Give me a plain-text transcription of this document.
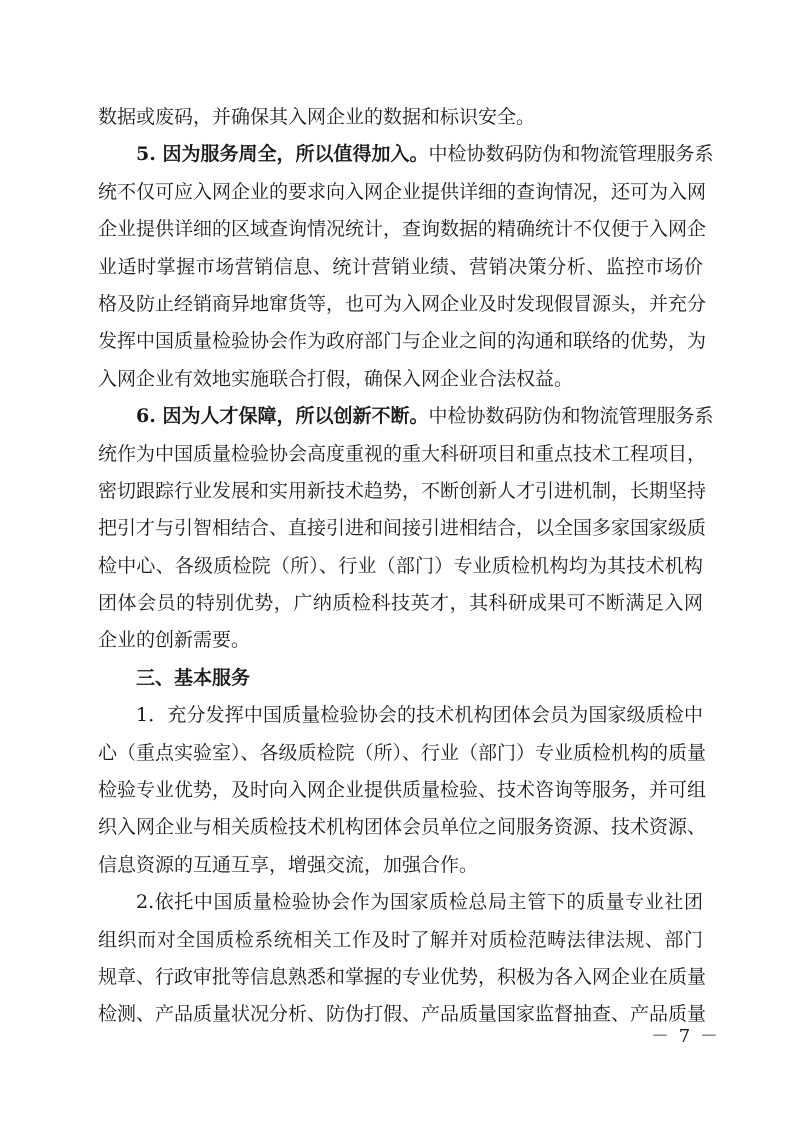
数据或废码，并确保其入网企业的数据和标识安全。
5. 因为服务周全，所以值得加入。中检协数码防伪和物流管理服务系
统不仅可应入网企业的要求向入网企业提供详细的查询情况，还可为入网
企业提供详细的区域查询情况统计，查询数据的精确统计不仅便于入网企
业适时掌握市场营销信息、统计营销业绩、营销决策分析、监控市场价
格及防止经销商异地窜货等，也可为入网企业及时发现假冒源头，并充分
发挥中国质量检验协会作为政府部门与企业之间的沟通和联络的优势，为
入网企业有效地实施联合打假，确保入网企业合法权益。
6. 因为人才保障，所以创新不断。中检协数码防伪和物流管理服务系
统作为中国质量检验协会高度重视的重大科研项目和重点技术工程项目，
密切跟踪行业发展和实用新技术趋势，不断创新人才引进机制，长期坚持
把引才与引智相结合、直接引进和间接引进相结合，以全国多家国家级质
检中心、各级质检院（所）、行业（部门）专业质检机构均为其技术机构
团体会员的特别优势，广纳质检科技英才，其科研成果可不断满足入网
企业的创新需要。
三、基本服务
1．充分发挥中国质量检验协会的技术机构团体会员为国家级质检中
心（重点实验室）、各级质检院（所）、行业（部门）专业质检机构的质量
检验专业优势，及时向入网企业提供质量检验、技术咨询等服务，并可组
织入网企业与相关质检技术机构团体会员单位之间服务资源、技术资源、
信息资源的互通互享，增强交流，加强合作。
2.依托中国质量检验协会作为国家质检总局主管下的质量专业社团
组织而对全国质检系统相关工作及时了解并对质检范畴法律法规、部门
规章、行政审批等信息熟悉和掌握的专业优势，积极为各入网企业在质量
检测、产品质量状况分析、防伪打假、产品质量国家监督抽查、产品质量
－ 7 －
